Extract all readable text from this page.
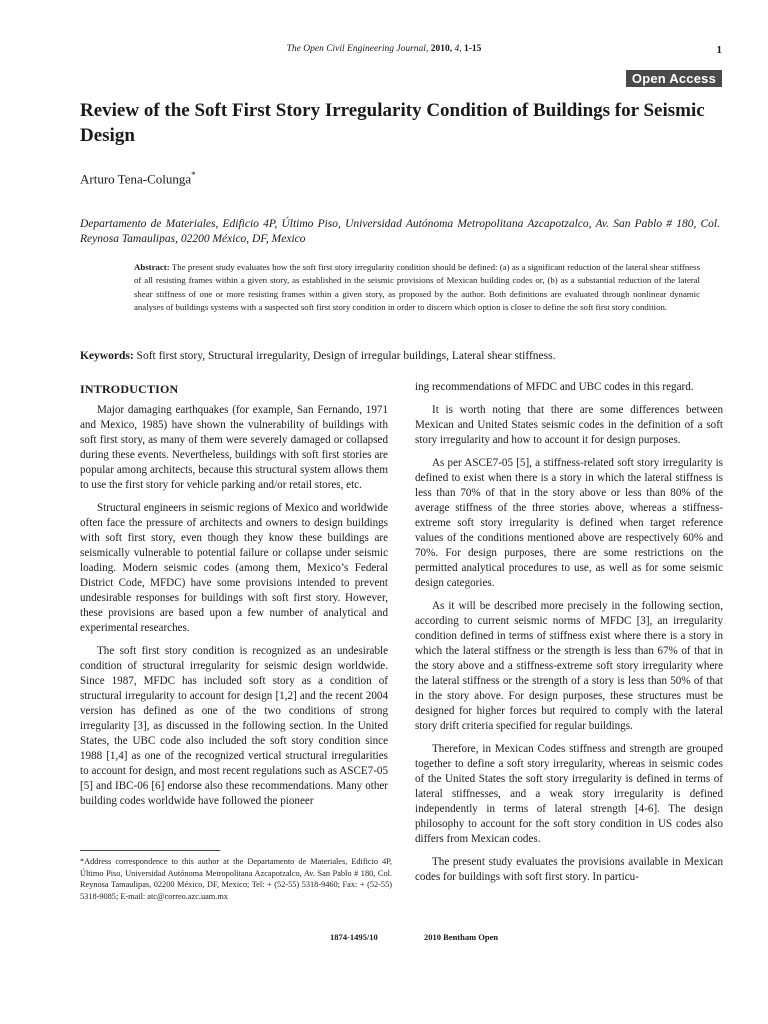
The Open Civil Engineering Journal, 2010, 4, 1-15	1
Open Access
Review of the Soft First Story Irregularity Condition of Buildings for Seismic Design
Arturo Tena-Colunga*
Departamento de Materiales, Edificio 4P, Último Piso, Universidad Autónoma Metropolitana Azcapotzalco, Av. San Pablo # 180, Col. Reynosa Tamaulipas, 02200 México, DF, Mexico
Abstract: The present study evaluates how the soft first story irregularity condition should be defined: (a) as a significant reduction of the lateral shear stiffness of all resisting frames within a given story, as established in the seismic provisions of Mexican building codes or, (b) as a substantial reduction of the lateral shear stiffness of one or more resisting frames within a given story, as proposed by the author. Both definitions are evaluated through nonlinear dynamic analyses of buildings systems with a suspected soft first story condition in order to discern which option is closer to define the soft first story condition.
Keywords: Soft first story, Structural irregularity, Design of irregular buildings, Lateral shear stiffness.
INTRODUCTION

Major damaging earthquakes (for example, San Fernando, 1971 and Mexico, 1985) have shown the vulnerability of buildings with soft first story, as many of them were severely damaged or collapsed during these events. Nevertheless, buildings with soft first stories are popular among architects, because this structural system allows them to use the first story for vehicle parking and/or retail stores, etc.

Structural engineers in seismic regions of Mexico and worldwide often face the pressure of architects and owners to design buildings with soft first story, even though they know these buildings are seismically vulnerable to potential failure or collapse under seismic loading. Modern seismic codes (among them, Mexico’s Federal District Code, MFDC) have some provisions intended to prevent undesirable responses for buildings with soft first story. However, these provisions are based upon a few number of analytical and experimental researches.

The soft first story condition is recognized as an undesirable condition of structural irregularity for seismic design worldwide. Since 1987, MFDC has included soft story as a condition of structural irregularity to account for design [1,2] and the recent 2004 version has defined as one of the two conditions of strong irregularity [3], as discussed in the following section. In the United States, the UBC code also included the soft story condition since 1988 [1,4] as one of the recognized vertical structural irregularities to account for design, and most recent regulations such as ASCE7-05 [5] and IBC-06 [6] endorse also these recommendations. Many other building codes worldwide have followed the pioneer

ing recommendations of MFDC and UBC codes in this regard.

It is worth noting that there are some differences between Mexican and United States seismic codes in the definition of a soft story irregularity and how to account it for design purposes.

As per ASCE7-05 [5], a stiffness-related soft story irregularity is defined to exist when there is a story in which the lateral stiffness is less than 70% of that in the story above or less than 80% of the average stiffness of the three stories above, whereas a stiffness-extreme soft story irregularity is defined when target reference values of the conditions mentioned above are respectively 60% and 70%. For design purposes, there are some restrictions on the permitted analytical procedures to use, as well as for some seismic design categories.

As it will be described more precisely in the following section, according to current seismic norms of MFDC [3], an irregularity condition defined in terms of stiffness exist where there is a story in which the lateral stiffness or the strength is less than 67% of that in the story above and a stiffness-extreme soft story irregularity where the lateral stiffness or the strength of a story is less than 50% of that in the story above. For design purposes, these structures must be designed for higher forces but required to comply with the lateral story drift criteria specified for regular buildings.

Therefore, in Mexican Codes stiffness and strength are grouped together to define a soft story irregularity, whereas in seismic codes of the United States the soft story irregularity is defined in terms of lateral stiffnesses, and a weak story irregularity is defined independently in terms of lateral strength [4-6]. The design philosophy to account for the soft story condition in US codes also differs from Mexican codes.

The present study evaluates the provisions available in Mexican codes for buildings with soft first story. In particu-

*Address correspondence to this author at the Departamento de Materiales, Edificio 4P, Último Piso, Universidad Autónoma Metropolitana Azcapotzalco, Av. San Pablo # 180, Col. Reynosa Tamaulipas, 02200 México, DF, Mexico; Tel: + (52-55) 5318-9460; Fax: + (52-55) 5318-9085; E-mail: atc@correo.azc.uam.mx
1874-1495/10	2010 Bentham Open
